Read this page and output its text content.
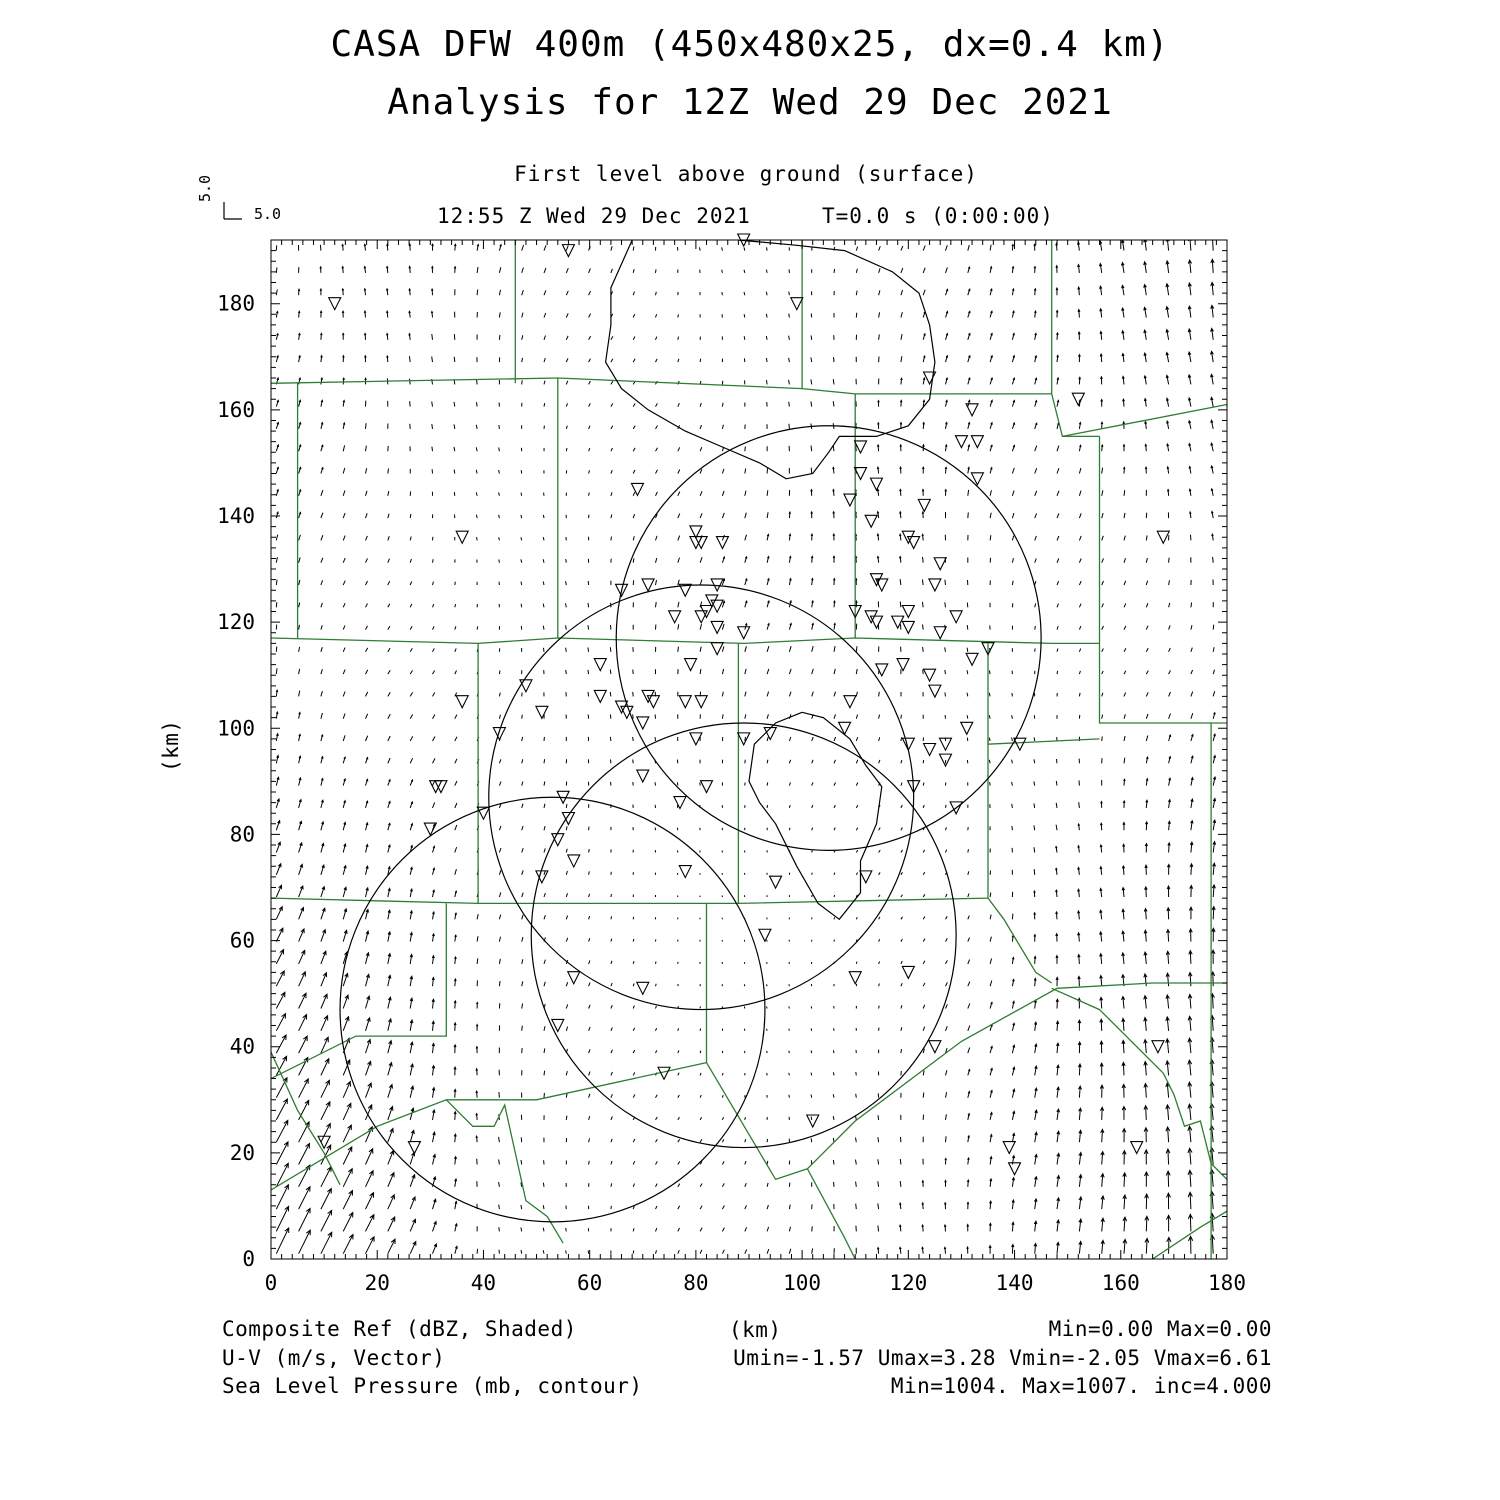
CASA DFW 400m (450x480x25, dx=0.4 km)
Analysis for 12Z Wed 29 Dec 2021
First level above ground (surface)
12:55 Z Wed 29 Dec 2021	T=0.0 s (0:00:00)
5.0
5.0
0	20	40	60	80	100	120	140	160	180
0
20
40
60
80
100
120
140
160
180
(km)
(km)
Composite Ref (dBZ, Shaded)	Min=0.00 Max=0.00
U-V (m/s, Vector)	Umin=-1.57 Umax=3.28 Vmin=-2.05 Vmax=6.61
Sea Level Pressure (mb, contour)	Min=1004. Max=1007. inc=4.000
